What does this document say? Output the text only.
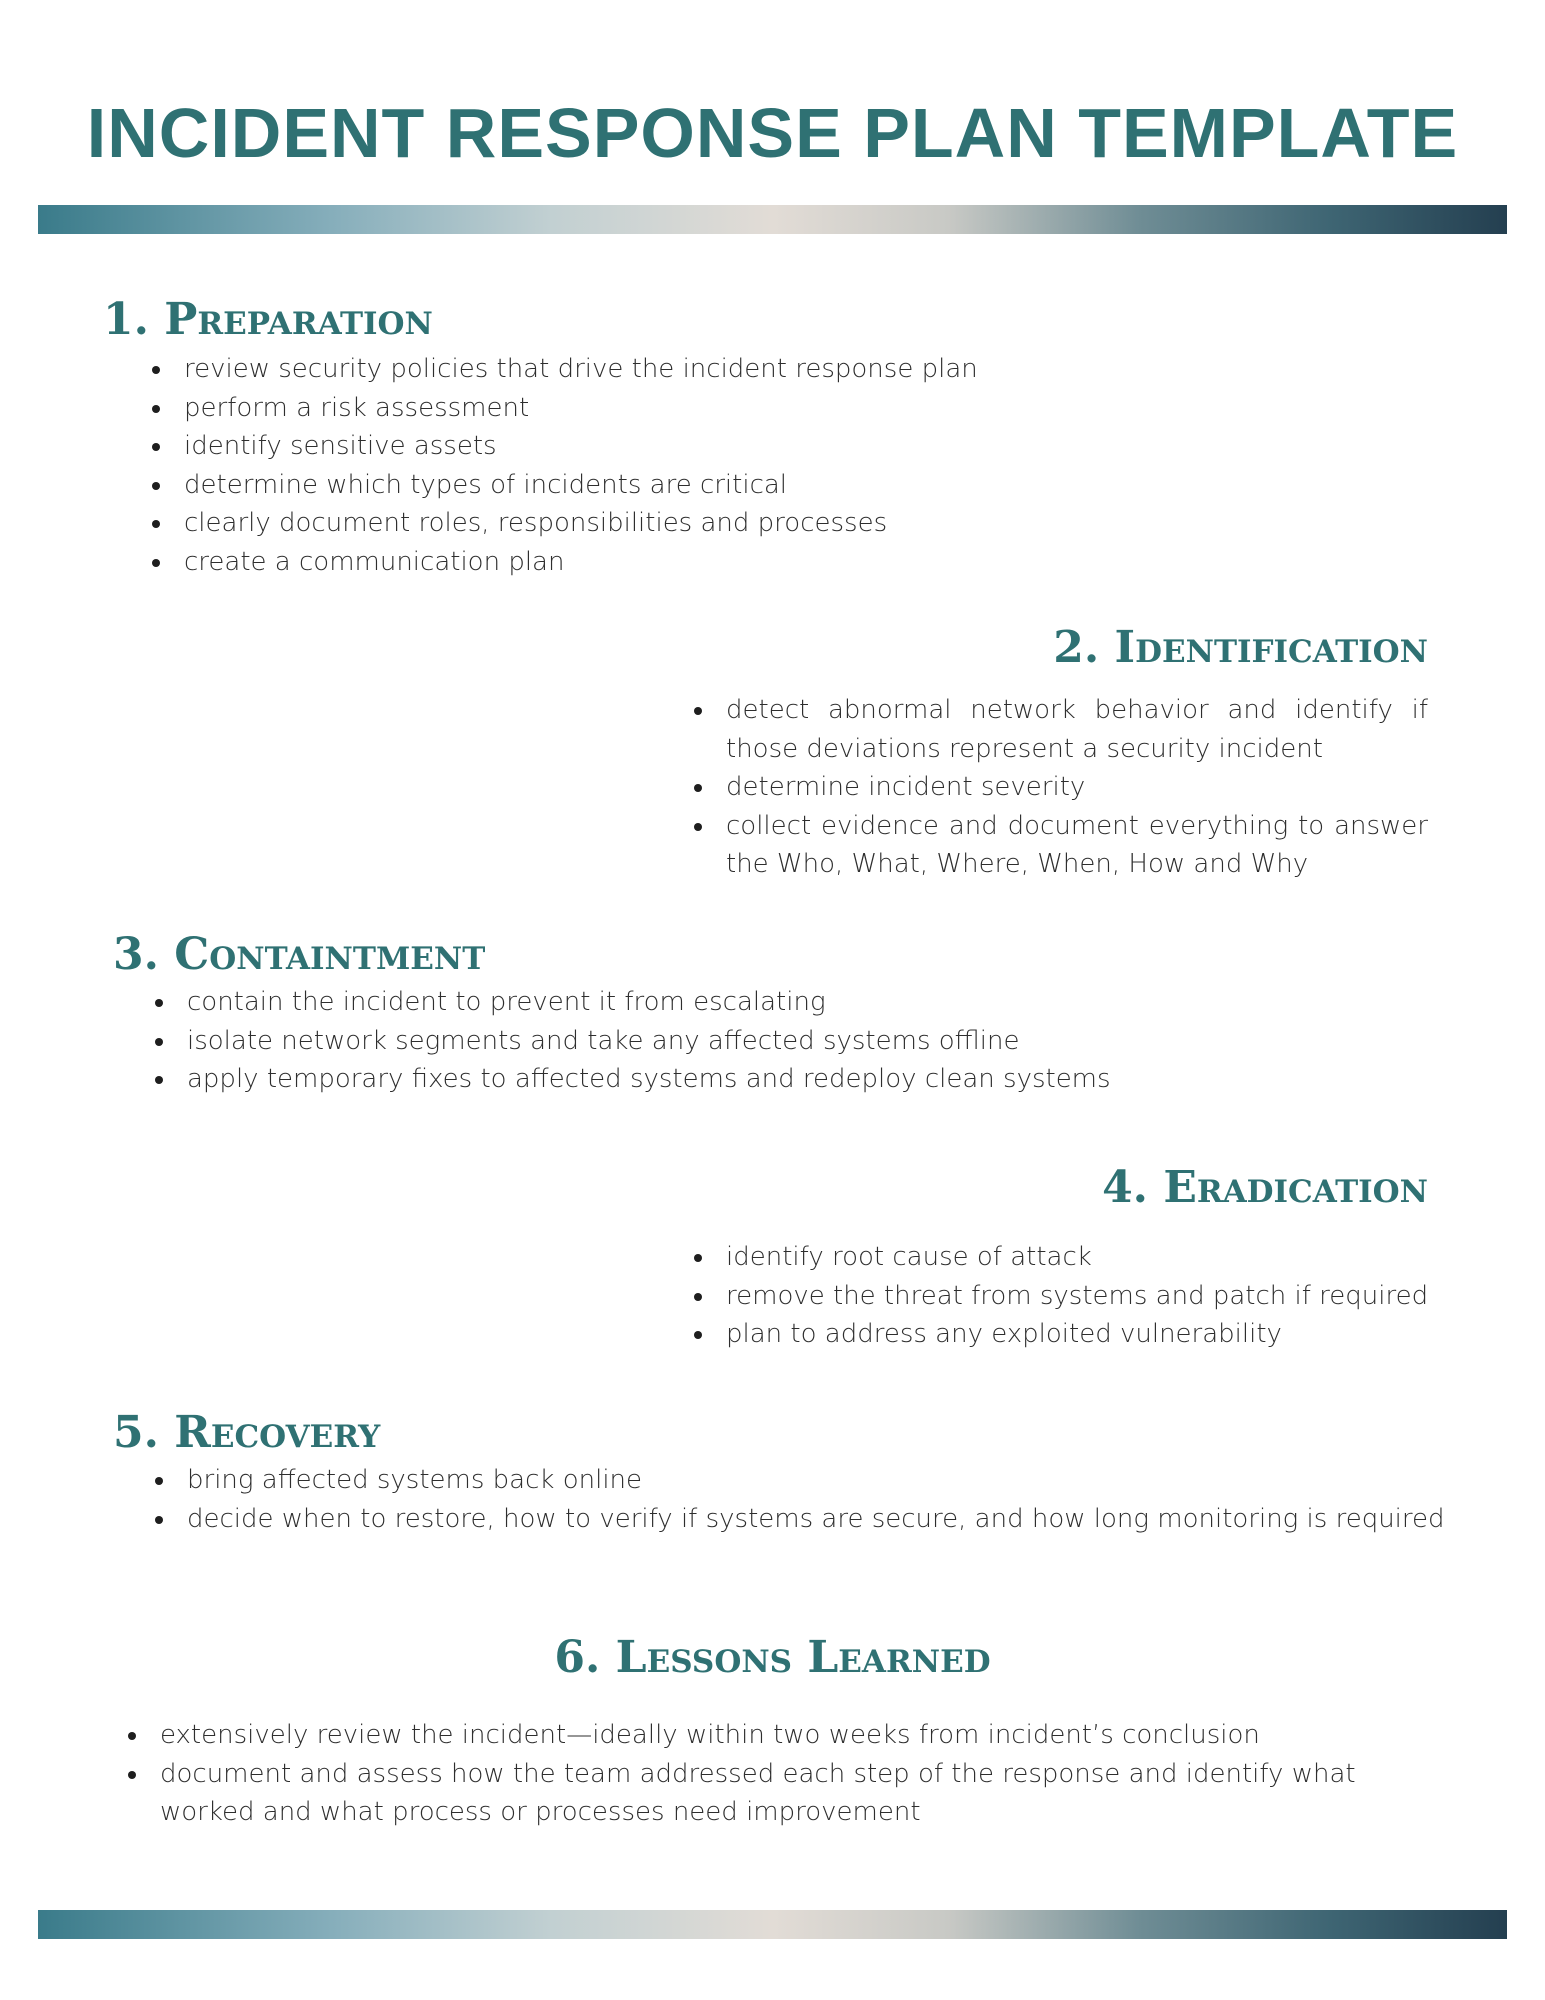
INCIDENT RESPONSE PLAN TEMPLATE
1. Preparation
review security policies that drive the incident response plan
perform a risk assessment
identify sensitive assets
determine which types of incidents are critical
clearly document roles, responsibilities and processes
create a communication plan
2. Identification
detect abnormal network behavior and identify if those deviations represent a security incident
determine incident severity
collect evidence and document everything to answer the Who, What, Where, When, How and Why
3. Containtment
contain the incident to prevent it from escalating
isolate network segments and take any affected systems offline
apply temporary fixes to affected systems and redeploy clean systems
4. Eradication
identify root cause of attack
remove the threat from systems and patch if required
plan to address any exploited vulnerability
5. Recovery
bring affected systems back online
decide when to restore, how to verify if systems are secure, and how long monitoring is required
6. Lessons Learned
extensively review the incident—ideally within two weeks from incident’s conclusion
document and assess how the team addressed each step of the response and identify what worked and what process or processes need improvement
